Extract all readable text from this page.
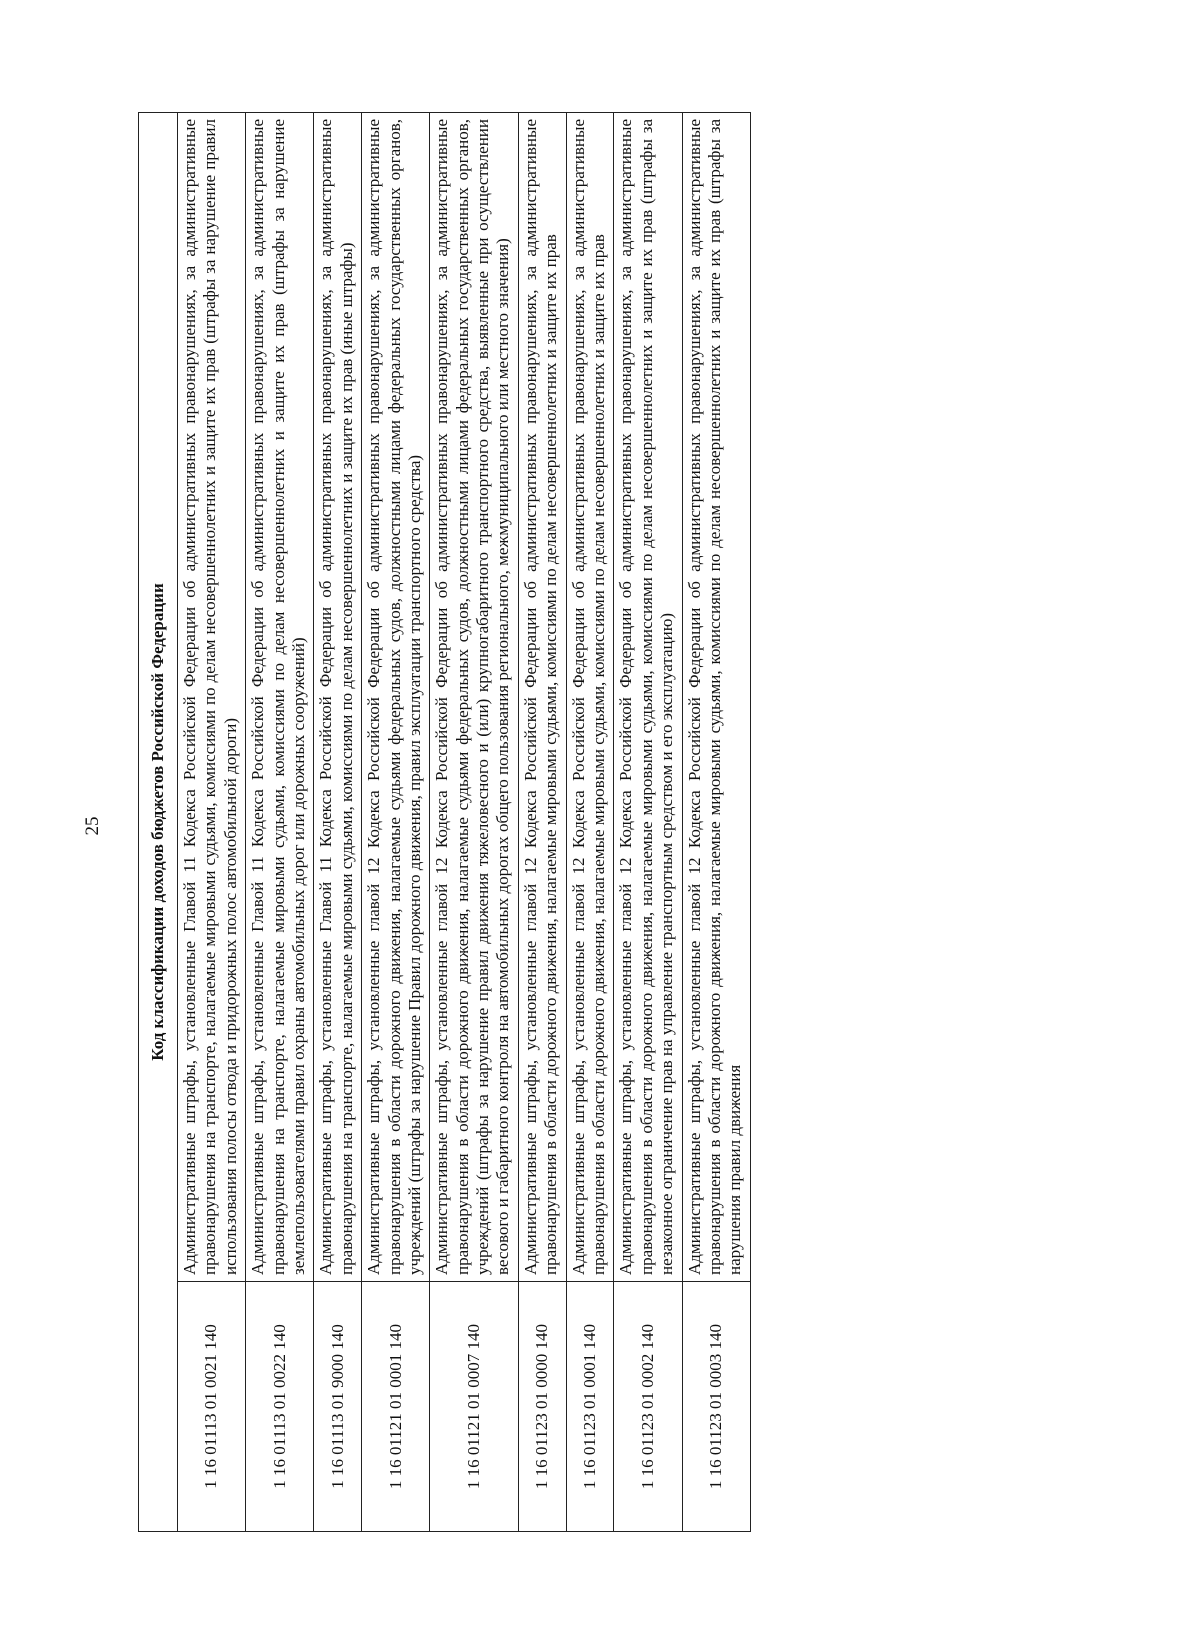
25	Код классификации доходов бюджетов Российской Федерации	
1 16 01113 01 0021 140	Административные штрафы, установленные Главой 11 Кодекса Российской Федерации об административных правонарушениях, за административные правонарушения на транспорте, налагаемые мировыми судьями, комиссиями по делам несовершеннолетних и защите их прав (штрафы за нарушение правил использования полосы отвода и придорожных полос автомобильной дороги)
1 16 01113 01 0022 140	Административные штрафы, установленные Главой 11 Кодекса Российской Федерации об административных правонарушениях, за административные правонарушения на транспорте, налагаемые мировыми судьями, комиссиями по делам несовершеннолетних и защите их прав (штрафы за нарушение землепользователями правил охраны автомобильных дорог или дорожных сооружений)
1 16 01113 01 9000 140	Административные штрафы, установленные Главой 11 Кодекса Российской Федерации об административных правонарушениях, за административные правонарушения на транспорте, налагаемые мировыми судьями, комиссиями по делам несовершеннолетних и защите их прав (иные штрафы)
1 16 01121 01 0001 140	Административные штрафы, установленные главой 12 Кодекса Российской Федерации об административных правонарушениях, за административные правонарушения в области дорожного движения, налагаемые судьями федеральных судов, должностными лицами федеральных государственных органов, учреждений (штрафы за нарушение Правил дорожного движения, правил эксплуатации транспортного средства)
1 16 01121 01 0007 140	Административные штрафы, установленные главой 12 Кодекса Российской Федерации об административных правонарушениях, за административные правонарушения в области дорожного движения, налагаемые судьями федеральных судов, должностными лицами федеральных государственных органов, учреждений (штрафы за нарушение правил движения тяжеловесного и (или) крупногабаритного транспортного средства, выявленные при осуществлении весового и габаритного контроля на автомобильных дорогах общего пользования регионального, межмуниципального или местного значения)
1 16 01123 01 0000 140	Административные штрафы, установленные главой 12 Кодекса Российской Федерации об административных правонарушениях, за административные правонарушения в области дорожного движения, налагаемые мировыми судьями, комиссиями по делам несовершеннолетних и защите их прав
1 16 01123 01 0001 140	Административные штрафы, установленные главой 12 Кодекса Российской Федерации об административных правонарушениях, за административные правонарушения в области дорожного движения, налагаемые мировыми судьями, комиссиями по делам несовершеннолетних и защите их прав
1 16 01123 01 0002 140	Административные штрафы, установленные главой 12 Кодекса Российской Федерации об административных правонарушениях, за административные правонарушения в области дорожного движения, налагаемые мировыми судьями, комиссиями по делам несовершеннолетних и защите их прав (штрафы за незаконное ограничение прав на управление транспортным средством и его эксплуатацию)
1 16 01123 01 0003 140	Административные штрафы, установленные главой 12 Кодекса Российской Федерации об административных правонарушениях, за административные правонарушения в области дорожного движения, налагаемые мировыми судьями, комиссиями по делам несовершеннолетних и защите их прав (штрафы за нарушения правил движения
